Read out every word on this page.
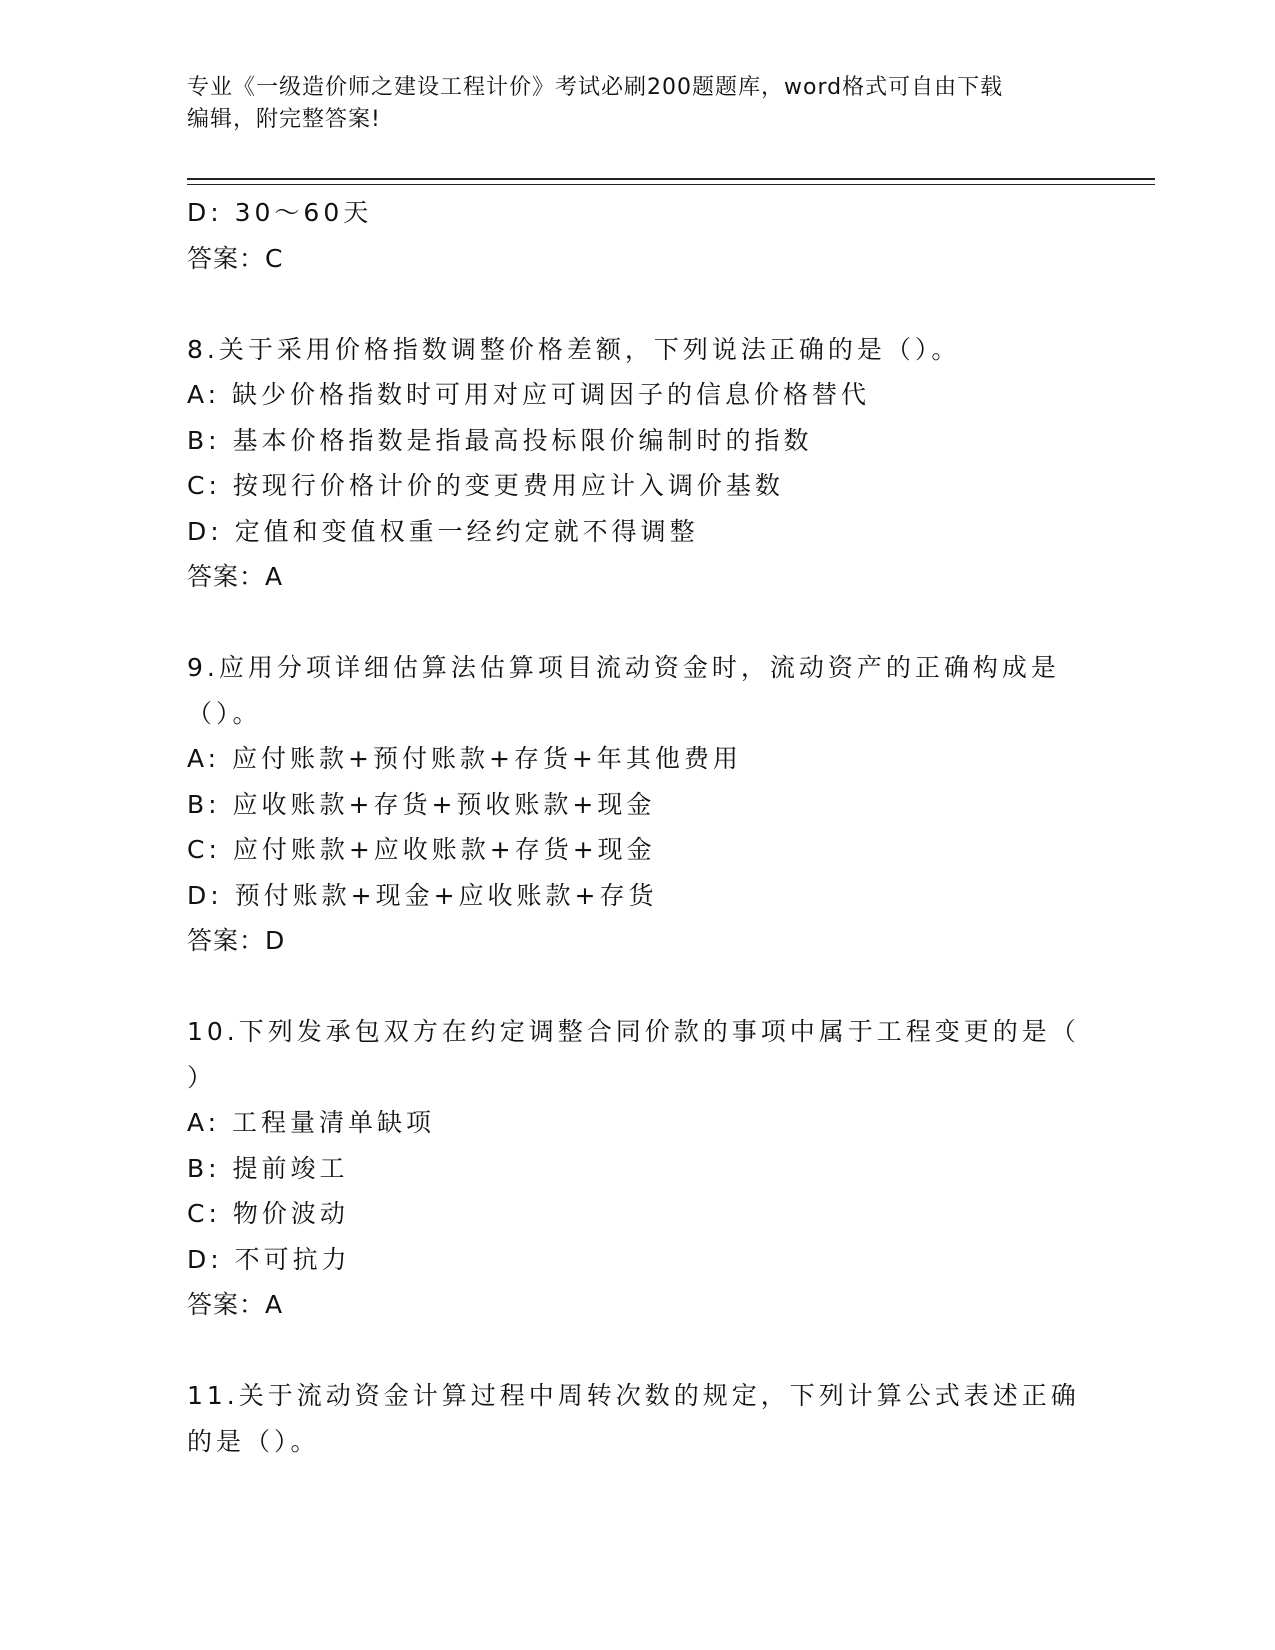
专业《一级造价师之建设工程计价》考试必刷200题题库，word格式可自由下载
编辑，附完整答案!
D: 30～60天
答案：C
8.关于采用价格指数调整价格差额，下列说法正确的是（）。
A: 缺少价格指数时可用对应可调因子的信息价格替代
B: 基本价格指数是指最高投标限价编制时的指数
C: 按现行价格计价的变更费用应计入调价基数
D: 定值和变值权重一经约定就不得调整
答案：A
9.应用分项详细估算法估算项目流动资金时，流动资产的正确构成是
（）。
A: 应付账款+预付账款+存货+年其他费用
B: 应收账款+存货+预收账款+现金
C: 应付账款+应收账款+存货+现金
D: 预付账款+现金+应收账款+存货
答案：D
10.下列发承包双方在约定调整合同价款的事项中属于工程变更的是（
）
A: 工程量清单缺项
B: 提前竣工
C: 物价波动
D: 不可抗力
答案：A
11.关于流动资金计算过程中周转次数的规定，下列计算公式表述正确
的是（）。
